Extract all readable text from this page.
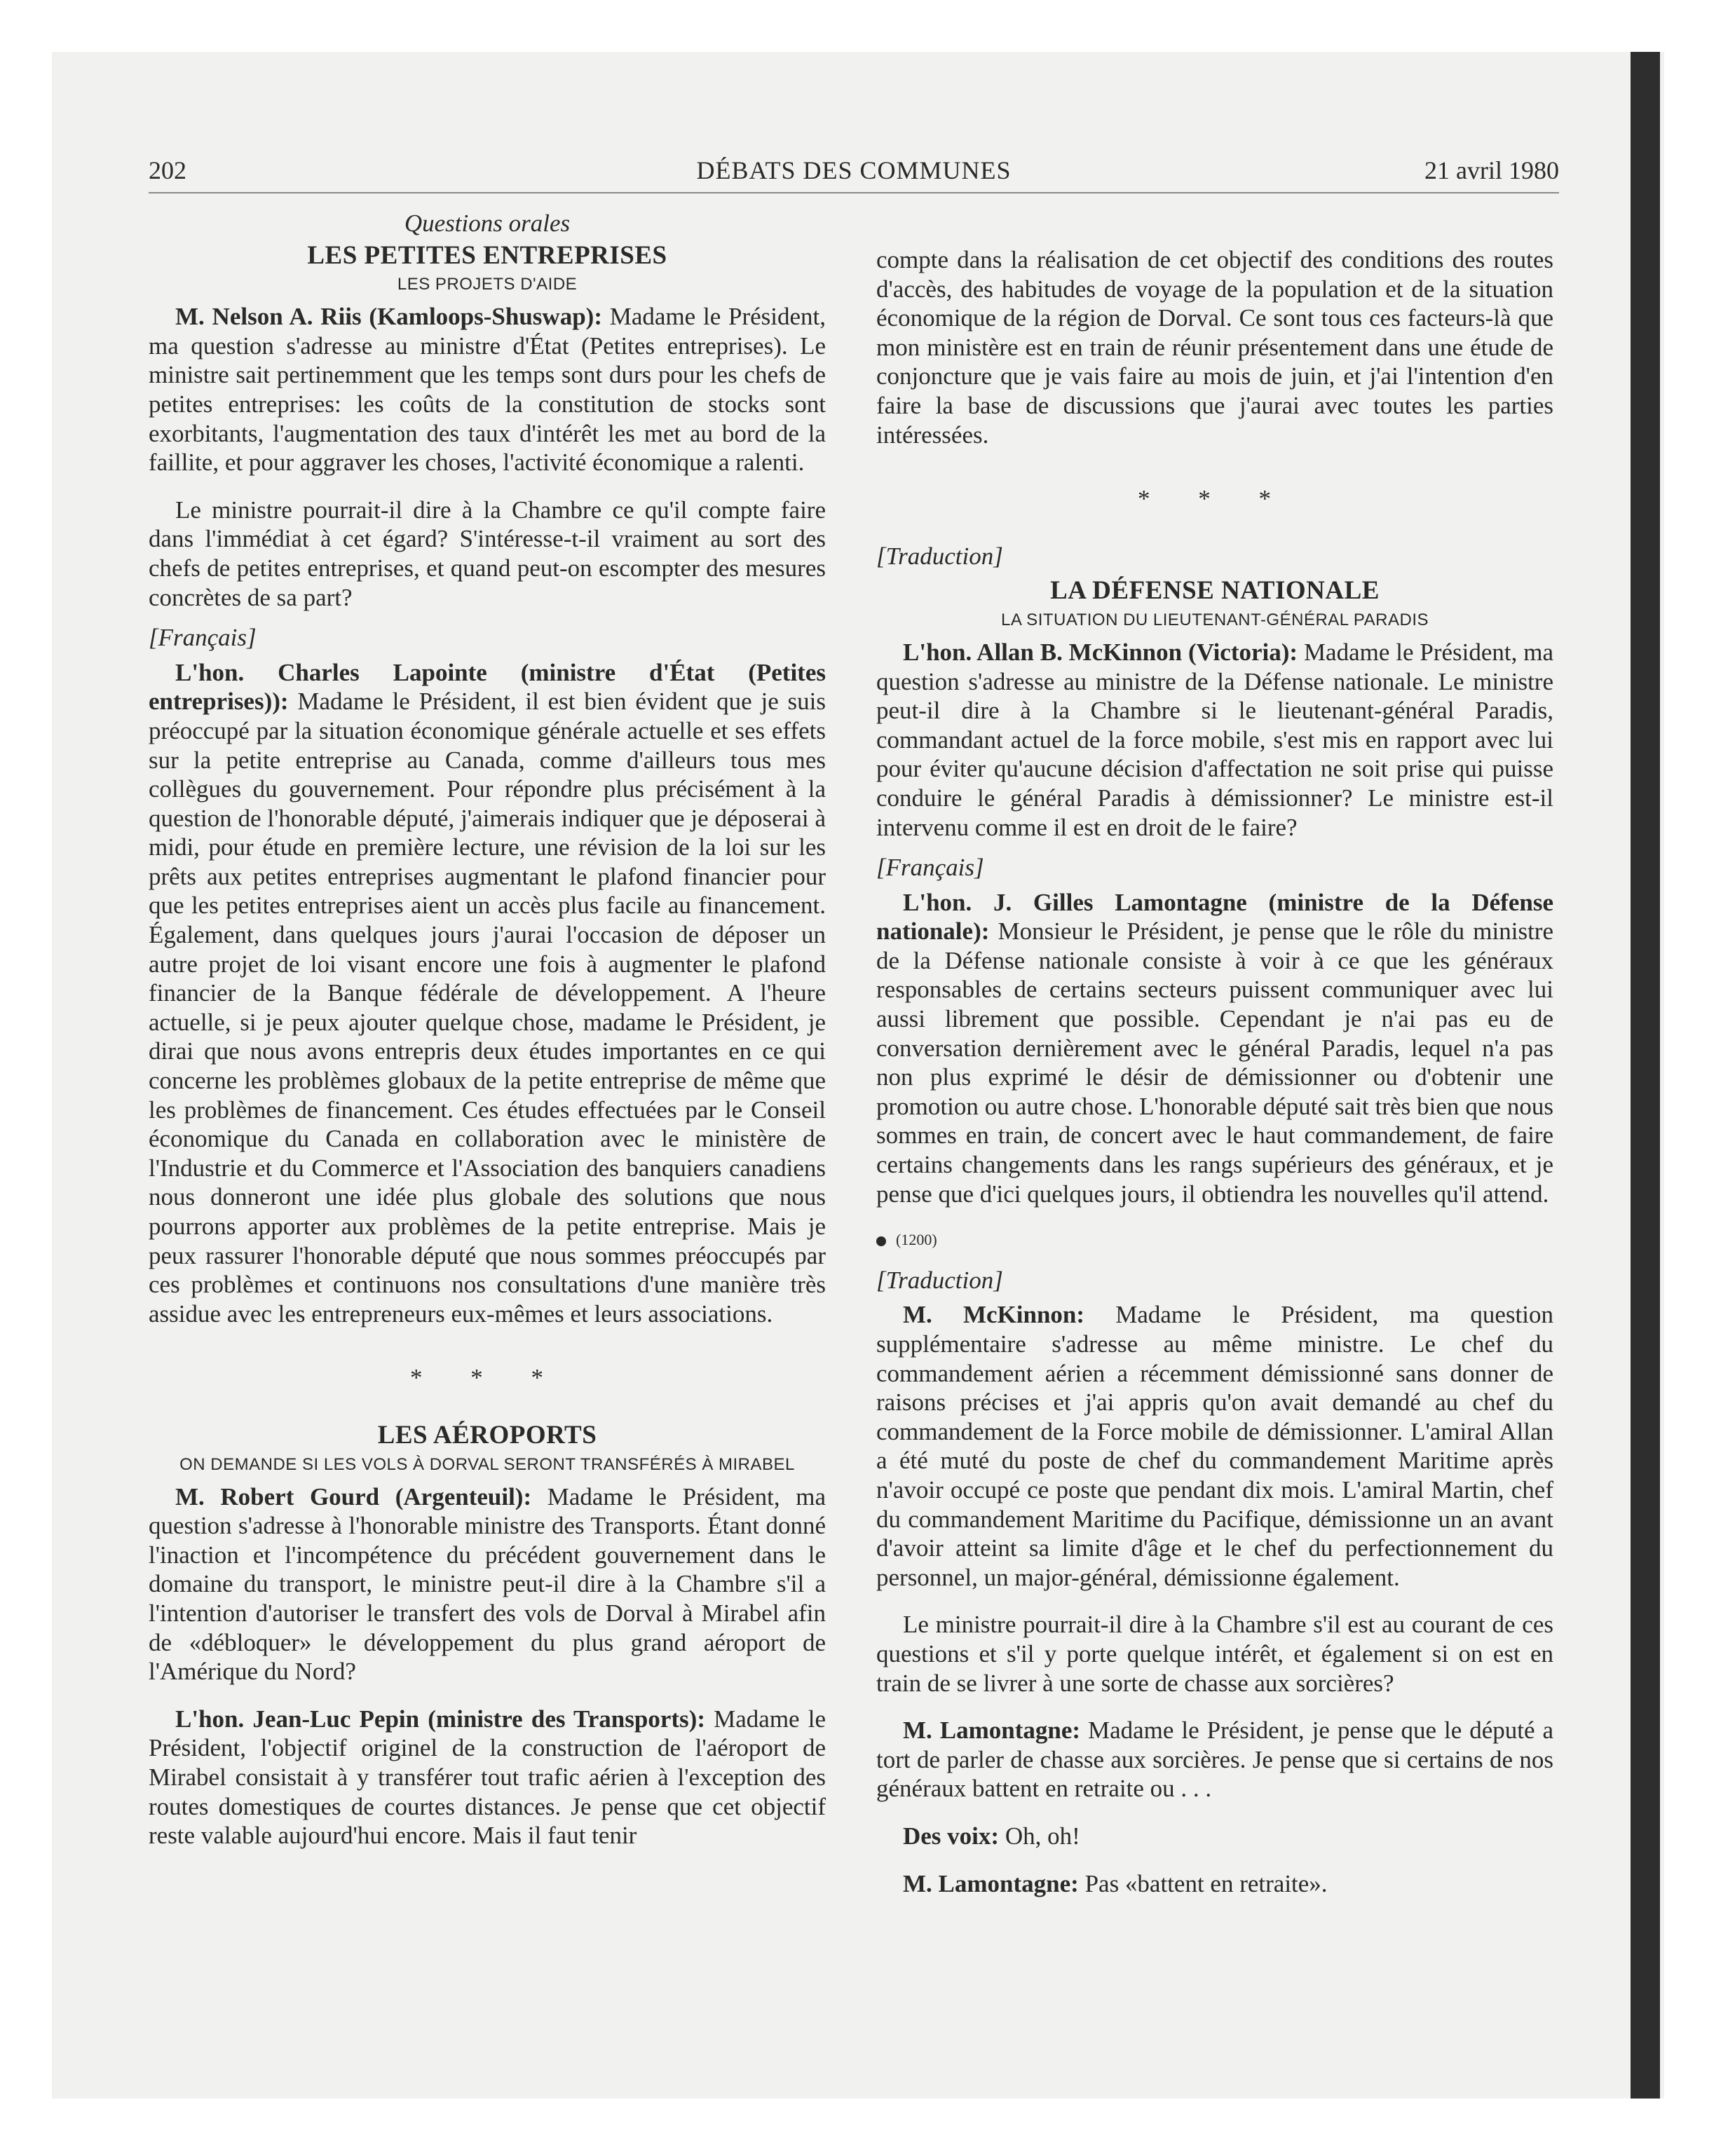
202	DÉBATS DES COMMUNES	21 avril 1980
Questions orales
LES PETITES ENTREPRISES
LES PROJETS D'AIDE

M. Nelson A. Riis (Kamloops-Shuswap): Madame le Président, ma question s'adresse au ministre d'État (Petites entreprises). Le ministre sait pertinemment que les temps sont durs pour les chefs de petites entreprises: les coûts de la constitution de stocks sont exorbitants, l'augmentation des taux d'intérêt les met au bord de la faillite, et pour aggraver les choses, l'activité économique a ralenti.

Le ministre pourrait-il dire à la Chambre ce qu'il compte faire dans l'immédiat à cet égard? S'intéresse-t-il vraiment au sort des chefs de petites entreprises, et quand peut-on escompter des mesures concrètes de sa part?

[Français]

L'hon. Charles Lapointe (ministre d'État (Petites entreprises)): Madame le Président, il est bien évident que je suis préoccupé par la situation économique générale actuelle et ses effets sur la petite entreprise au Canada, comme d'ailleurs tous mes collègues du gouvernement. Pour répondre plus précisément à la question de l'honorable député, j'aimerais indiquer que je déposerai à midi, pour étude en première lecture, une révision de la loi sur les prêts aux petites entreprises augmentant le plafond financier pour que les petites entreprises aient un accès plus facile au financement. Également, dans quelques jours j'aurai l'occasion de déposer un autre projet de loi visant encore une fois à augmenter le plafond financier de la Banque fédérale de développement. A l'heure actuelle, si je peux ajouter quelque chose, madame le Président, je dirai que nous avons entrepris deux études importantes en ce qui concerne les problèmes globaux de la petite entreprise de même que les problèmes de financement. Ces études effectuées par le Conseil économique du Canada en collaboration avec le ministère de l'Industrie et du Commerce et l'Association des banquiers canadiens nous donneront une idée plus globale des solutions que nous pourrons apporter aux problèmes de la petite entreprise. Mais je peux rassurer l'honorable député que nous sommes préoccupés par ces problèmes et continuons nos consultations d'une manière très assidue avec les entrepreneurs eux-mêmes et leurs associations.

* * *
LES AÉROPORTS
ON DEMANDE SI LES VOLS À DORVAL SERONT TRANSFÉRÉS À MIRABEL

M. Robert Gourd (Argenteuil): Madame le Président, ma question s'adresse à l'honorable ministre des Transports. Étant donné l'inaction et l'incompétence du précédent gouvernement dans le domaine du transport, le ministre peut-il dire à la Chambre s'il a l'intention d'autoriser le transfert des vols de Dorval à Mirabel afin de «débloquer» le développement du plus grand aéroport de l'Amérique du Nord?

L'hon. Jean-Luc Pepin (ministre des Transports): Madame le Président, l'objectif originel de la construction de l'aéroport de Mirabel consistait à y transférer tout trafic aérien à l'exception des routes domestiques de courtes distances. Je pense que cet objectif reste valable aujourd'hui encore. Mais il faut tenir

compte dans la réalisation de cet objectif des conditions des routes d'accès, des habitudes de voyage de la population et de la situation économique de la région de Dorval. Ce sont tous ces facteurs-là que mon ministère est en train de réunir présentement dans une étude de conjoncture que je vais faire au mois de juin, et j'ai l'intention d'en faire la base de discussions que j'aurai avec toutes les parties intéressées.

* * *
[Traduction]
LA DÉFENSE NATIONALE
LA SITUATION DU LIEUTENANT-GÉNÉRAL PARADIS

L'hon. Allan B. McKinnon (Victoria): Madame le Président, ma question s'adresse au ministre de la Défense nationale. Le ministre peut-il dire à la Chambre si le lieutenant-général Paradis, commandant actuel de la force mobile, s'est mis en rapport avec lui pour éviter qu'aucune décision d'affectation ne soit prise qui puisse conduire le général Paradis à démissionner? Le ministre est-il intervenu comme il est en droit de le faire?

[Français]

L'hon. J. Gilles Lamontagne (ministre de la Défense nationale): Monsieur le Président, je pense que le rôle du ministre de la Défense nationale consiste à voir à ce que les généraux responsables de certains secteurs puissent communiquer avec lui aussi librement que possible. Cependant je n'ai pas eu de conversation dernièrement avec le général Paradis, lequel n'a pas non plus exprimé le désir de démissionner ou d'obtenir une promotion ou autre chose. L'honorable député sait très bien que nous sommes en train, de concert avec le haut commandement, de faire certains changements dans les rangs supérieurs des généraux, et je pense que d'ici quelques jours, il obtiendra les nouvelles qu'il attend.

(1200)
[Traduction]

M. McKinnon: Madame le Président, ma question supplémentaire s'adresse au même ministre. Le chef du commandement aérien a récemment démissionné sans donner de raisons précises et j'ai appris qu'on avait demandé au chef du commandement de la Force mobile de démissionner. L'amiral Allan a été muté du poste de chef du commandement Maritime après n'avoir occupé ce poste que pendant dix mois. L'amiral Martin, chef du commandement Maritime du Pacifique, démissionne un an avant d'avoir atteint sa limite d'âge et le chef du perfectionnement du personnel, un major-général, démissionne également.

Le ministre pourrait-il dire à la Chambre s'il est au courant de ces questions et s'il y porte quelque intérêt, et également si on est en train de se livrer à une sorte de chasse aux sorcières?

M. Lamontagne: Madame le Président, je pense que le député a tort de parler de chasse aux sorcières. Je pense que si certains de nos généraux battent en retraite ou . . .

Des voix: Oh, oh!

M. Lamontagne: Pas «battent en retraite».
